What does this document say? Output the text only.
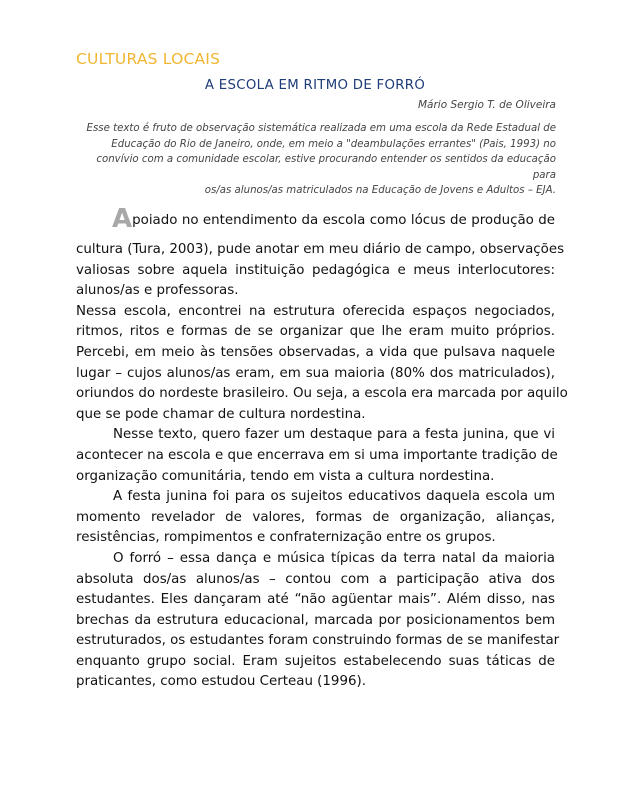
CULTURAS LOCAIS
A ESCOLA EM RITMO DE FORRÓ
Mário Sergio T. de Oliveira
Esse texto é fruto de observação sistemática realizada em uma escola da Rede Estadual de
Educação do Rio de Janeiro, onde, em meio a "deambulações errantes" (Pais, 1993) no
convívio com a comunidade escolar, estive procurando entender os sentidos da educação para
os/as alunos/as matriculados na Educação de Jovens e Adultos – EJA.
A poiado no entendimento da escola como lócus de produção de

cultura (Tura, 2003), pude anotar em meu diário de campo, observações
valiosas sobre aquela instituição pedagógica e meus interlocutores:
alunos/as e professoras.

Nessa escola, encontrei na estrutura oferecida espaços negociados,
ritmos, ritos e formas de se organizar que lhe eram muito próprios.
Percebi, em meio às tensões observadas, a vida que pulsava naquele
lugar – cujos alunos/as eram, em sua maioria (80% dos matriculados),
oriundos do nordeste brasileiro. Ou seja, a escola era marcada por aquilo
que se pode chamar de cultura nordestina.

Nesse texto, quero fazer um destaque para a festa junina, que vi
acontecer na escola e que encerrava em si uma importante tradição de
organização comunitária, tendo em vista a cultura nordestina.

A festa junina foi para os sujeitos educativos daquela escola um
momento revelador de valores, formas de organização, alianças,
resistências, rompimentos e confraternização entre os grupos.

O forró – essa dança e música típicas da terra natal da maioria
absoluta dos/as alunos/as – contou com a participação ativa dos
estudantes. Eles dançaram até “não agüentar mais”. Além disso, nas
brechas da estrutura educacional, marcada por posicionamentos bem
estruturados, os estudantes foram construindo formas de se manifestar
enquanto grupo social. Eram sujeitos estabelecendo suas táticas de
praticantes, como estudou Certeau (1996).
